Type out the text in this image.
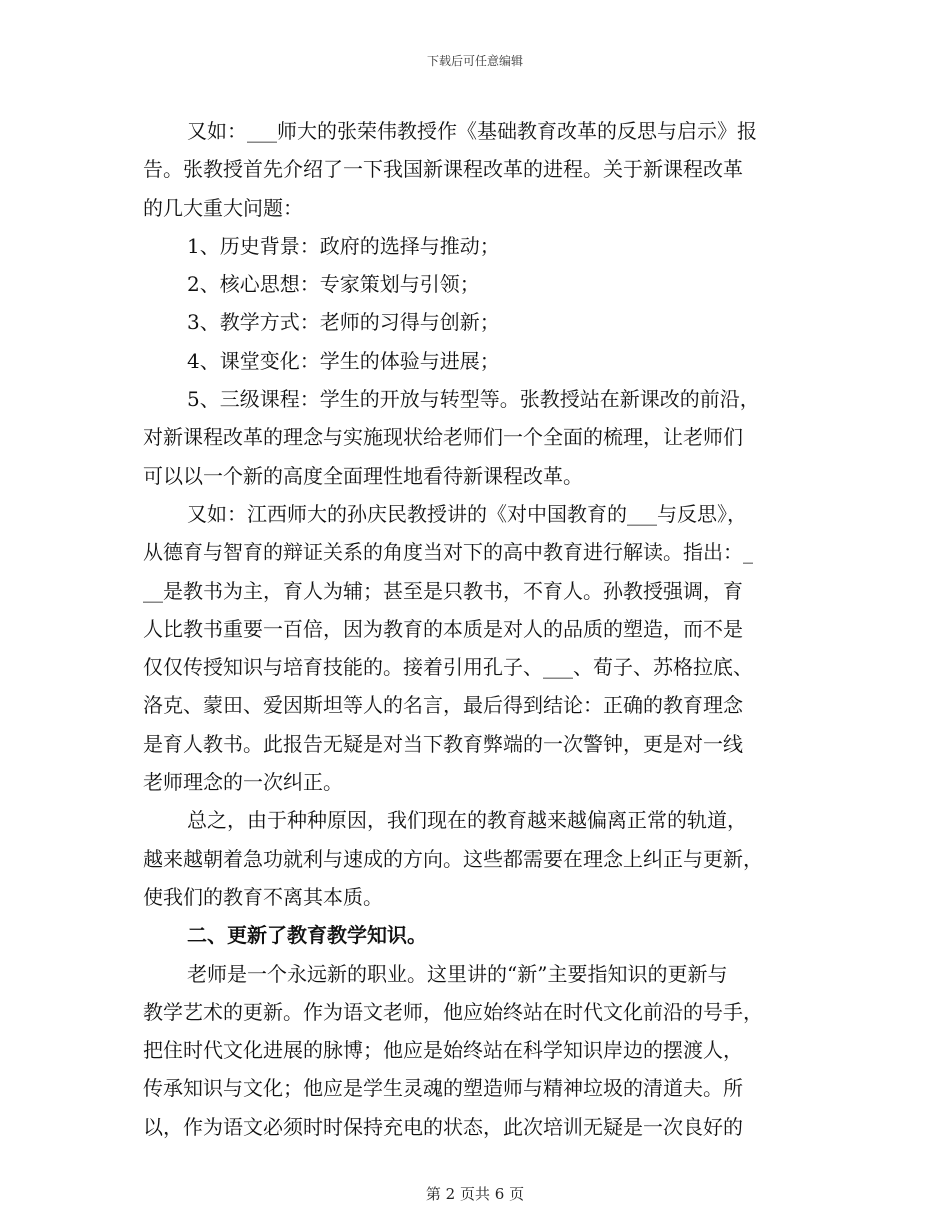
下载后可任意编辑
又如：___师大的张荣伟教授作《基础教育改革的反思与启示》报
告。张教授首先介绍了一下我国新课程改革的进程。关于新课程改革
的几大重大问题：
1、历史背景：政府的选择与推动；
2、核心思想：专家策划与引领；
3、教学方式：老师的习得与创新；
4、课堂变化：学生的体验与进展；
5、三级课程：学生的开放与转型等。张教授站在新课改的前沿，
对新课程改革的理念与实施现状给老师们一个全面的梳理，让老师们
可以以一个新的高度全面理性地看待新课程改革。
又如：江西师大的孙庆民教授讲的《对中国教育的___与反思》，
从德育与智育的辩证关系的角度当对下的高中教育进行解读。指出：_
__是教书为主，育人为辅；甚至是只教书，不育人。孙教授强调，育
人比教书重要一百倍，因为教育的本质是对人的品质的塑造，而不是
仅仅传授知识与培育技能的。接着引用孔子、___、荀子、苏格拉底、
洛克、蒙田、爱因斯坦等人的名言，最后得到结论：正确的教育理念
是育人教书。此报告无疑是对当下教育弊端的一次警钟，更是对一线
老师理念的一次纠正。
总之，由于种种原因，我们现在的教育越来越偏离正常的轨道，
越来越朝着急功就利与速成的方向。这些都需要在理念上纠正与更新，
使我们的教育不离其本质。
二、更新了教育教学知识。
老师是一个永远新的职业。这里讲的“新”主要指知识的更新与
教学艺术的更新。作为语文老师，他应始终站在时代文化前沿的号手，
把住时代文化进展的脉博；他应是始终站在科学知识岸边的摆渡人，
传承知识与文化；他应是学生灵魂的塑造师与精神垃圾的清道夫。所
以，作为语文必须时时保持充电的状态，此次培训无疑是一次良好的
第 2 页共 6 页
